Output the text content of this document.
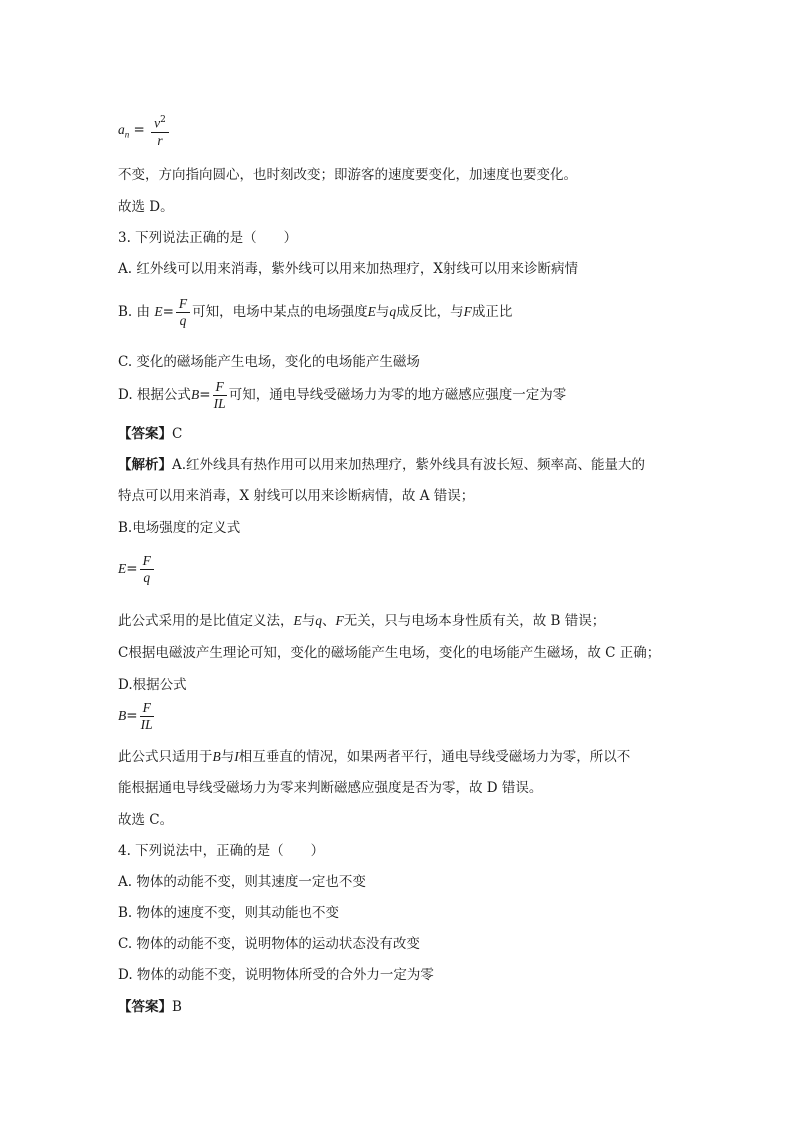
$a_n = \frac{v^2}{r}$
不变，方向指向圆心，也时刻改变；即游客的速度要变化，加速度也要变化。
故选 D。
3. 下列说法正确的是（　　）
A. 红外线可以用来消毒，紫外线可以用来加热理疗，X射线可以用来诊断病情
B. 由 $E= \frac{F}{q}$ 可知，电场中某点的电场强度E与q成反比，与F成正比
C. 变化的磁场能产生电场，变化的电场能产生磁场
D. 根据公式$B= \frac{F}{IL}$ 可知，通电导线受磁场力为零的地方磁感应强度一定为零
【答案】C
【解析】A.红外线具有热作用可以用来加热理疗，紫外线具有波长短、频率高、能量大的
特点可以用来消毒，X 射线可以用来诊断病情，故 A 错误；
B.电场强度的定义式
$E= \frac{F}{q}$
此公式采用的是比值定义法，E与q、F无关，只与电场本身性质有关，故 B 错误；
C根据电磁波产生理论可知，变化的磁场能产生电场，变化的电场能产生磁场，故 C 正确；
D.根据公式
$B= \frac{F}{IL}$
此公式只适用于B与I相互垂直的情况，如果两者平行，通电导线受磁场力为零，所以不
能根据通电导线受磁场力为零来判断磁感应强度是否为零，故 D 错误。
故选 C。
4. 下列说法中，正确的是（　　）
A. 物体的动能不变，则其速度一定也不变
B. 物体的速度不变，则其动能也不变
C. 物体的动能不变，说明物体的运动状态没有改变
D. 物体的动能不变，说明物体所受的合外力一定为零
【答案】B
